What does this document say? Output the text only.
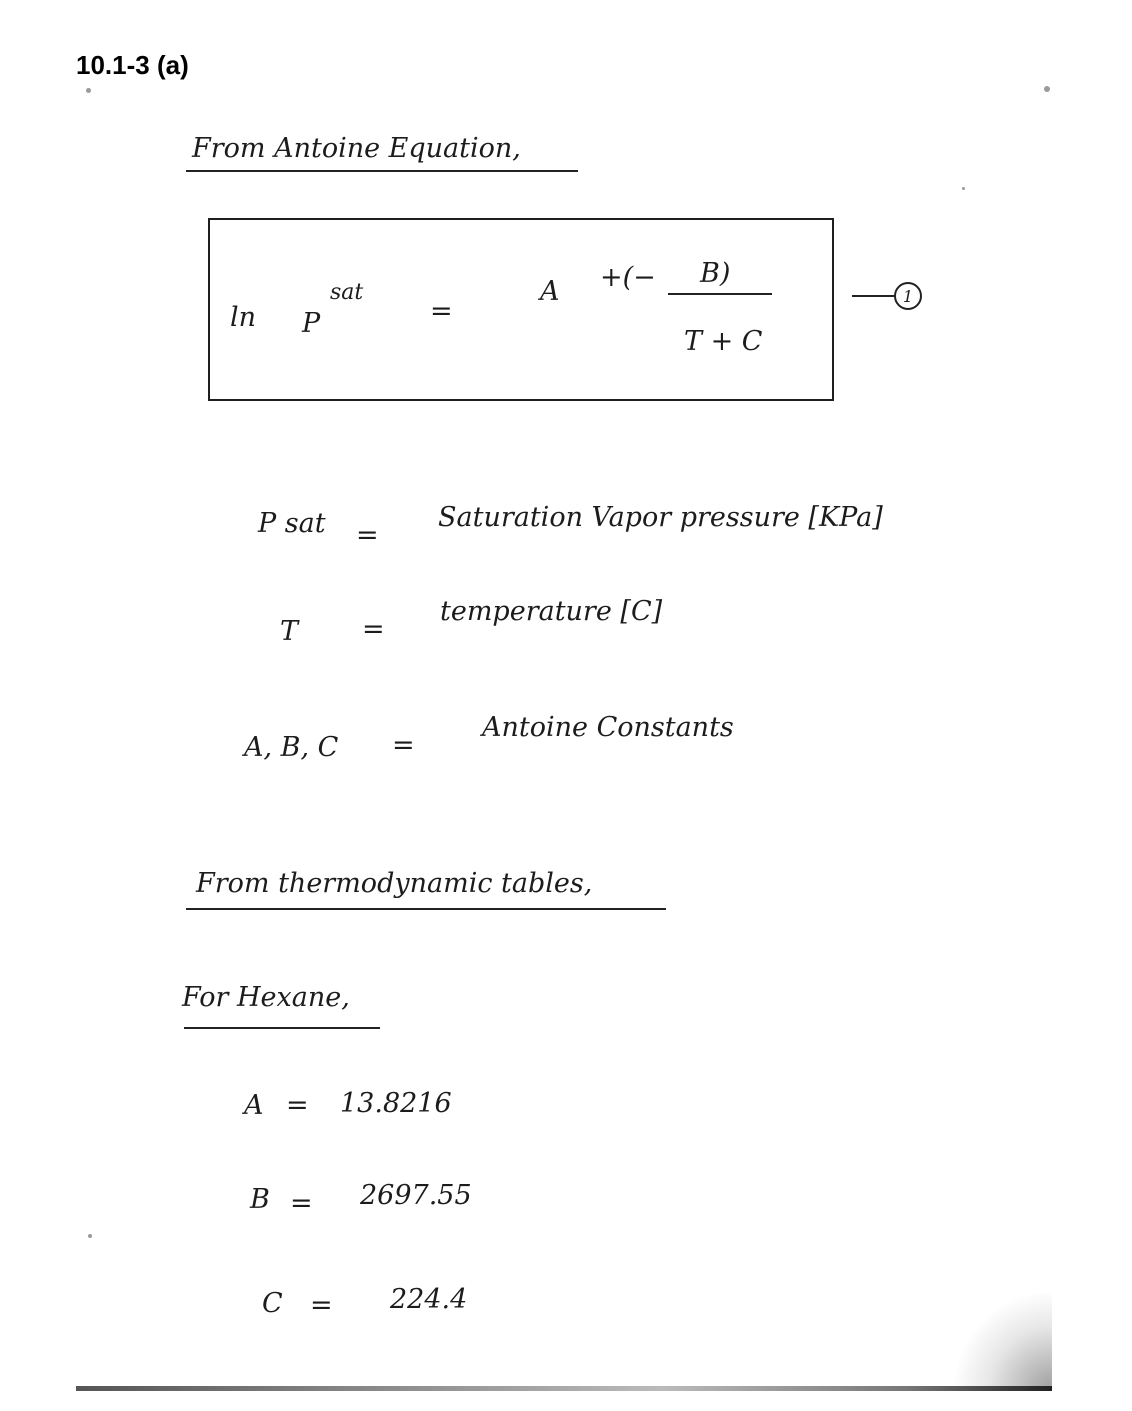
10.1-3 (a)
From Antoine Equation,
ln P
sat
=
A +(− B)
T + C
1
P sat =
Saturation Vapor pressure [KPa]
T =
temperature [C]
A, B, C =
Antoine Constants
From thermodynamic tables,
For Hexane,
A = 13.8216
B = 2697.55
C = 224.4
